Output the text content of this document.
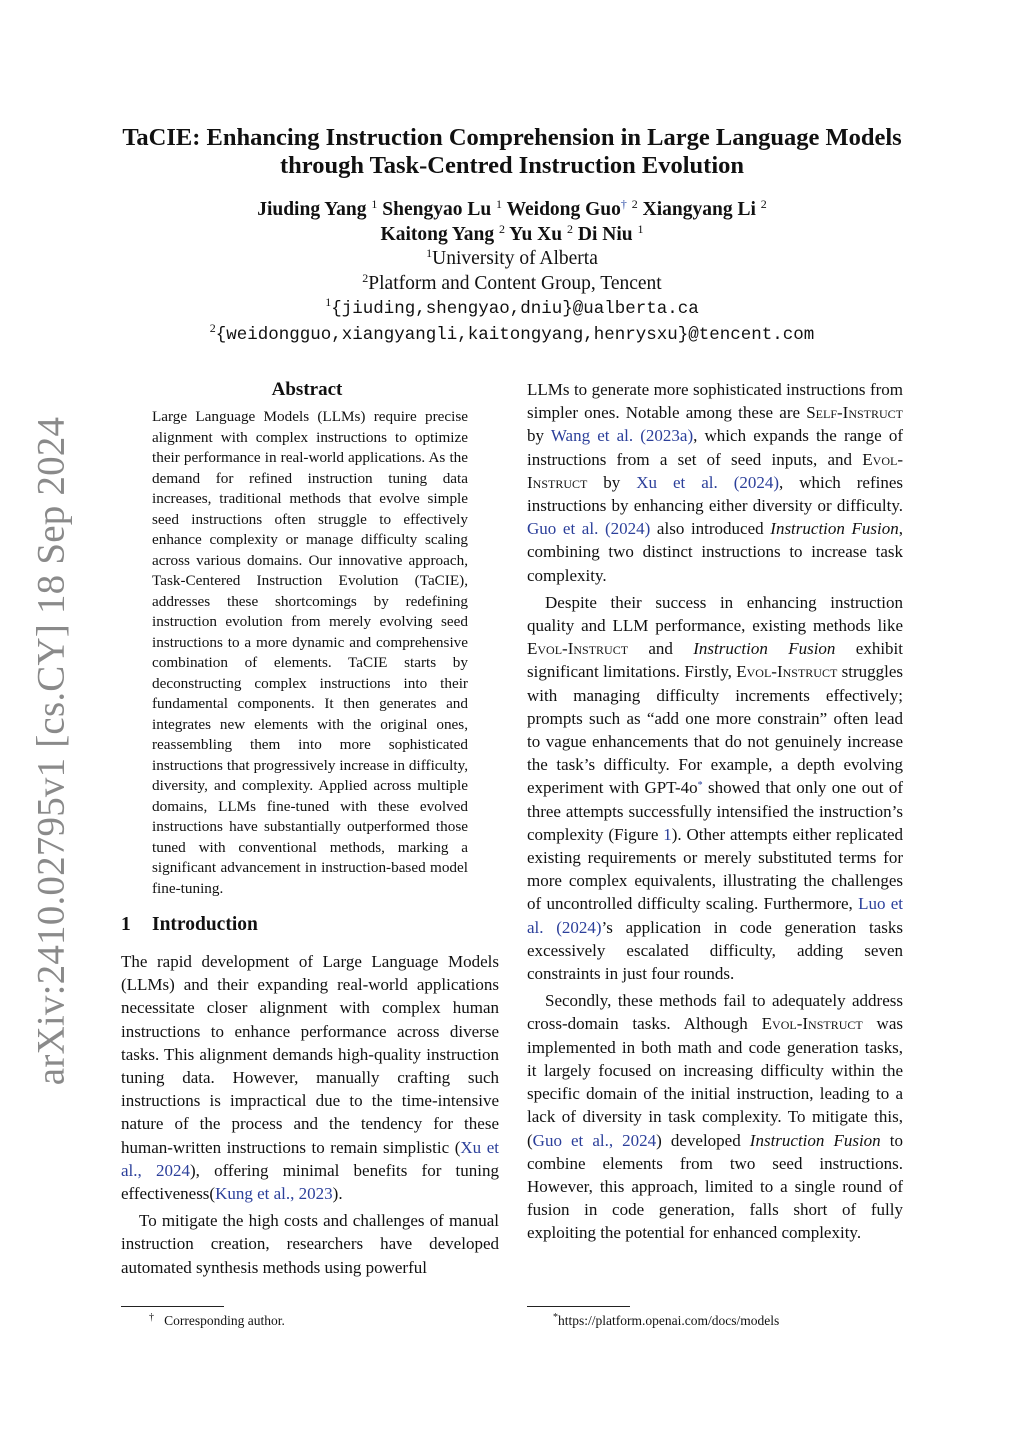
arXiv:2410.02795v1 [cs.CY] 18 Sep 2024
TaCIE: Enhancing Instruction Comprehension in Large Language Models
through Task-Centred Instruction Evolution
Jiuding Yang $^1$ Shengyao Lu $^1$ Weidong Guo† $^2$ Xiangyang Li $^2$
Kaitong Yang $^2$ Yu Xu $^2$ Di Niu $^1$
$^1$University of Alberta
$^2$Platform and Content Group, Tencent
$^1${jiuding,shengyao,dniu}@ualberta.ca
$^2${weidongguo,xiangyangli,kaitongyang,henrysxu}@tencent.com
Abstract

Large Language Models (LLMs) require precise alignment with complex instructions to optimize their performance in real-world applications. As the demand for refined instruction tuning data increases, traditional methods that evolve simple seed instructions often struggle to effectively enhance complexity or manage difficulty scaling across various domains. Our innovative approach, Task-Centered Instruction Evolution (TaCIE), addresses these shortcomings by redefining instruction evolution from merely evolving seed instructions to a more dynamic and comprehensive combination of elements. TaCIE starts by deconstructing complex instructions into their fundamental components. It then generates and integrates new elements with the original ones, reassembling them into more sophisticated instructions that progressively increase in difficulty, diversity, and complexity. Applied across multiple domains, LLMs fine-tuned with these evolved instructions have substantially outperformed those tuned with conventional methods, marking a significant advancement in instruction-based model fine-tuning.

1 Introduction

The rapid development of Large Language Models (LLMs) and their expanding real-world applications necessitate closer alignment with complex human instructions to enhance performance across diverse tasks. This alignment demands high-quality instruction tuning data. However, manually crafting such instructions is impractical due to the time-intensive nature of the process and the tendency for these human-written instructions to remain simplistic (Xu et al., 2024), offering minimal benefits for tuning effectiveness(Kung et al., 2023).

To mitigate the high costs and challenges of manual instruction creation, researchers have developed automated synthesis methods using powerful

LLMs to generate more sophisticated instructions from simpler ones. Notable among these are Self-Instruct by Wang et al. (2023a), which expands the range of instructions from a set of seed inputs, and Evol-Instruct by Xu et al. (2024), which refines instructions by enhancing either diversity or difficulty. Guo et al. (2024) also introduced Instruction Fusion, combining two distinct instructions to increase task complexity.

Despite their success in enhancing instruction quality and LLM performance, existing methods like Evol-Instruct and Instruction Fusion exhibit significant limitations. Firstly, Evol-Instruct struggles with managing difficulty increments effectively; prompts such as “add one more constrain” often lead to vague enhancements that do not genuinely increase the task’s difficulty. For example, a depth evolving experiment with GPT-4o* showed that only one out of three attempts successfully intensified the instruction’s complexity (Figure 1). Other attempts either replicated existing requirements or merely substituted terms for more complex equivalents, illustrating the challenges of uncontrolled difficulty scaling. Furthermore, Luo et al. (2024)’s application in code generation tasks excessively escalated difficulty, adding seven constraints in just four rounds.

Secondly, these methods fail to adequately address cross-domain tasks. Although Evol-Instruct was implemented in both math and code generation tasks, it largely focused on increasing difficulty within the specific domain of the initial instruction, leading to a lack of diversity in task complexity. To mitigate this, (Guo et al., 2024) developed Instruction Fusion to combine elements from two seed instructions. However, this approach, limited to a single round of fusion in code generation, falls short of fully exploiting the potential for enhanced complexity.

† Corresponding author.	*https://platform.openai.com/docs/models
